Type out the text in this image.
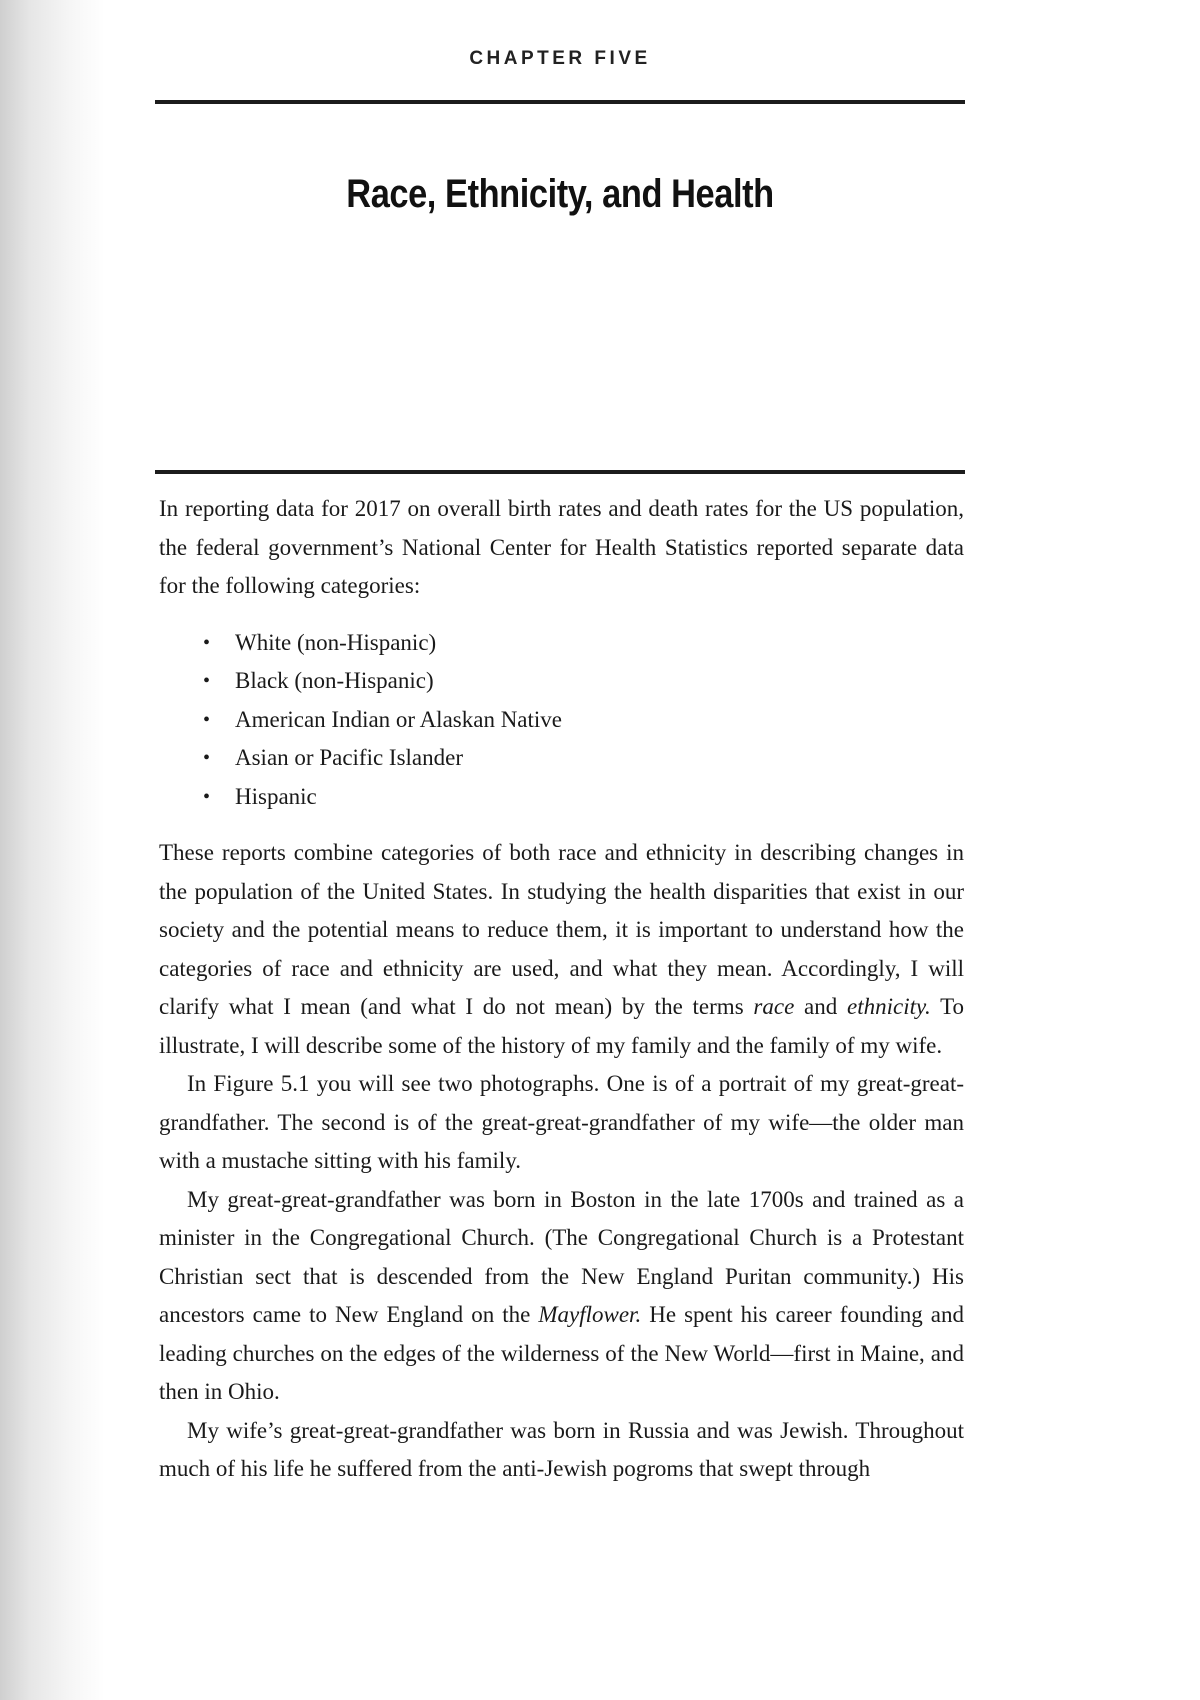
CHAPTER FIVE
Race, Ethnicity, and Health

In reporting data for 2017 on overall birth rates and death rates for the US population, the federal government’s National Center for Health Statistics reported separate data for the following categories:

•	White (non-Hispanic)
•	Black (non-Hispanic)
•	American Indian or Alaskan Native
•	Asian or Pacific Islander
•	Hispanic

These reports combine categories of both race and ethnicity in describing changes in the population of the United States. In studying the health disparities that exist in our society and the potential means to reduce them, it is important to understand how the categories of race and ethnicity are used, and what they mean. Accordingly, I will clarify what I mean (and what I do not mean) by the terms race and ethnicity. To illustrate, I will describe some of the history of my family and the family of my wife.

In Figure 5.1 you will see two photographs. One is of a portrait of my great-great-grandfather. The second is of the great-great-grandfather of my wife—the older man with a mustache sitting with his family.

My great-great-grandfather was born in Boston in the late 1700s and trained as a minister in the Congregational Church. (The Congregational Church is a Protestant Christian sect that is descended from the New England Puritan community.) His ancestors came to New England on the Mayflower. He spent his career founding and leading churches on the edges of the wilderness of the New World—first in Maine, and then in Ohio.

My wife’s great-great-grandfather was born in Russia and was Jewish. Throughout much of his life he suffered from the anti-Jewish pogroms that swept through
